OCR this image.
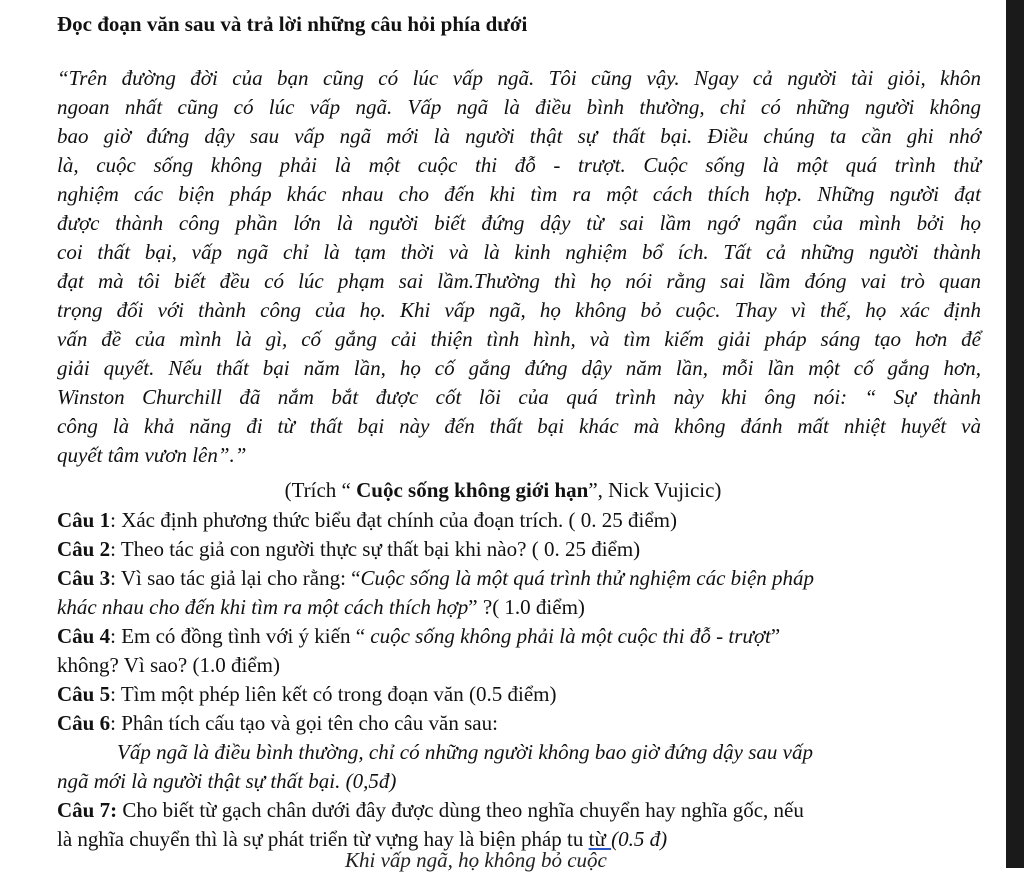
Đọc đoạn văn sau và trả lời những câu hỏi phía dưới
“Trên đường đời của bạn cũng có lúc vấp ngã. Tôi cũng vậy. Ngay cả người tài giỏi, khôn
ngoan nhất cũng có lúc vấp ngã. Vấp ngã là điều bình thường, chỉ có những người không
bao giờ đứng dậy sau vấp ngã mới là người thật sự thất bại. Điều chúng ta cần ghi nhớ
là, cuộc sống không phải là một cuộc thi đỗ - trượt. Cuộc sống là một quá trình thử
nghiệm các biện pháp khác nhau cho đến khi tìm ra một cách thích hợp. Những người đạt
được thành công phần lớn là người biết đứng dậy từ sai lầm ngớ ngẩn của mình bởi họ
coi thất bại, vấp ngã chỉ là tạm thời và là kinh nghiệm bổ ích. Tất cả những người thành
đạt mà tôi biết đều có lúc phạm sai lầm.Thường thì họ nói rằng sai lầm đóng vai trò quan
trọng đối với thành công của họ. Khi vấp ngã, họ không bỏ cuộc. Thay vì thế, họ xác định
vấn đề của mình là gì, cố gắng cải thiện tình hình, và tìm kiếm giải pháp sáng tạo hơn để
giải quyết. Nếu thất bại năm lần, họ cố gắng đứng dậy năm lần, mỗi lần một cố gắng hơn,
Winston Churchill đã nắm bắt được cốt lõi của quá trình này khi ông nói: “ Sự thành
công là khả năng đi từ thất bại này đến thất bại khác mà không đánh mất nhiệt huyết và
quyết tâm vươn lên”.”
(Trích “ Cuộc sống không giới hạn”, Nick Vujicic)
Câu 1: Xác định phương thức biểu đạt chính của đoạn trích. ( 0. 25 điểm)
Câu 2: Theo tác giả con người thực sự thất bại khi nào? ( 0. 25 điểm)
Câu 3: Vì sao tác giả lại cho rằng: “Cuộc sống là một quá trình thử nghiệm các biện pháp
khác nhau cho đến khi tìm ra một cách thích hợp” ?( 1.0 điểm)
Câu 4: Em có đồng tình với ý kiến “ cuộc sống không phải là một cuộc thi đỗ - trượt”
không? Vì sao? (1.0 điểm)
Câu 5: Tìm một phép liên kết có trong đoạn văn (0.5 điểm)
Câu 6: Phân tích cấu tạo và gọi tên cho câu văn sau:
Vấp ngã là điều bình thường, chỉ có những người không bao giờ đứng dậy sau vấp
ngã mới là người thật sự thất bại. (0,5đ)
Câu 7: Cho biết từ gạch chân dưới đây được dùng theo nghĩa chuyển hay nghĩa gốc, nếu
là nghĩa chuyển thì là sự phát triển từ vựng hay là biện pháp tu từ (0.5 đ)
Khi vấp ngã, họ không bỏ cuộc
